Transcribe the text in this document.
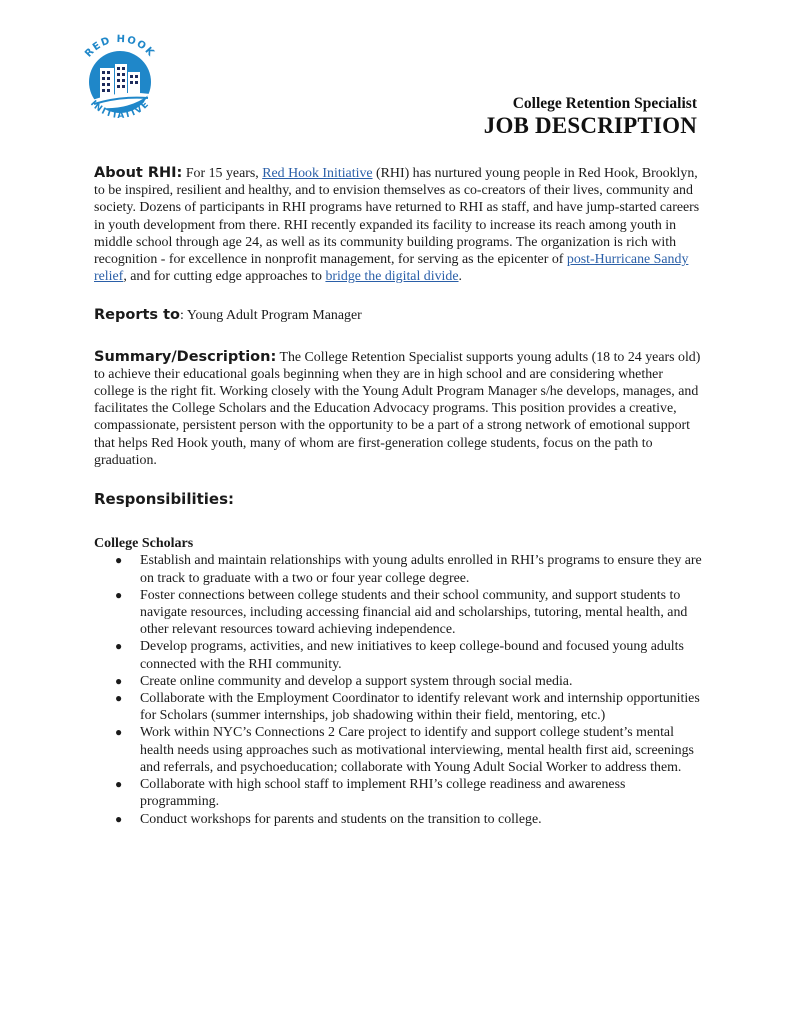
RED HOOK
INITIATIVE	College Retention Specialist
JOB DESCRIPTION

About RHI: For 15 years, Red Hook Initiative (RHI) has nurtured young people in Red Hook, Brooklyn, to be inspired, resilient and healthy, and to envision themselves as co-creators of their lives, community and society. Dozens of participants in RHI programs have returned to RHI as staff, and have jump-started careers in youth development from there. RHI recently expanded its facility to increase its reach among youth in middle school through age 24, as well as its community building programs. The organization is rich with recognition - for excellence in nonprofit management, for serving as the epicenter of post-Hurricane Sandy relief, and for cutting edge approaches to bridge the digital divide.

Reports to: Young Adult Program Manager

Summary/Description: The College Retention Specialist supports young adults (18 to 24 years old) to achieve their educational goals beginning when they are in high school and are considering whether college is the right fit. Working closely with the Young Adult Program Manager s/he develops, manages, and facilitates the College Scholars and the Education Advocacy programs. This position provides a creative, compassionate, persistent person with the opportunity to be a part of a strong network of emotional support that helps Red Hook youth, many of whom are first-generation college students, focus on the path to graduation.

Responsibilities:

College Scholars

● Establish and maintain relationships with young adults enrolled in RHI’s programs to ensure they are on track to graduate with a two or four year college degree.
● Foster connections between college students and their school community, and support students to navigate resources, including accessing financial aid and scholarships, tutoring, mental health, and other relevant resources toward achieving independence.
● Develop programs, activities, and new initiatives to keep college-bound and focused young adults connected with the RHI community.
● Create online community and develop a support system through social media.
● Collaborate with the Employment Coordinator to identify relevant work and internship opportunities for Scholars (summer internships, job shadowing within their field, mentoring, etc.)
● Work within NYC’s Connections 2 Care project to identify and support college student’s mental health needs using approaches such as motivational interviewing, mental health first aid, screenings and referrals, and psychoeducation; collaborate with Young Adult Social Worker to address them.
● Collaborate with high school staff to implement RHI’s college readiness and awareness programming.
● Conduct workshops for parents and students on the transition to college.
